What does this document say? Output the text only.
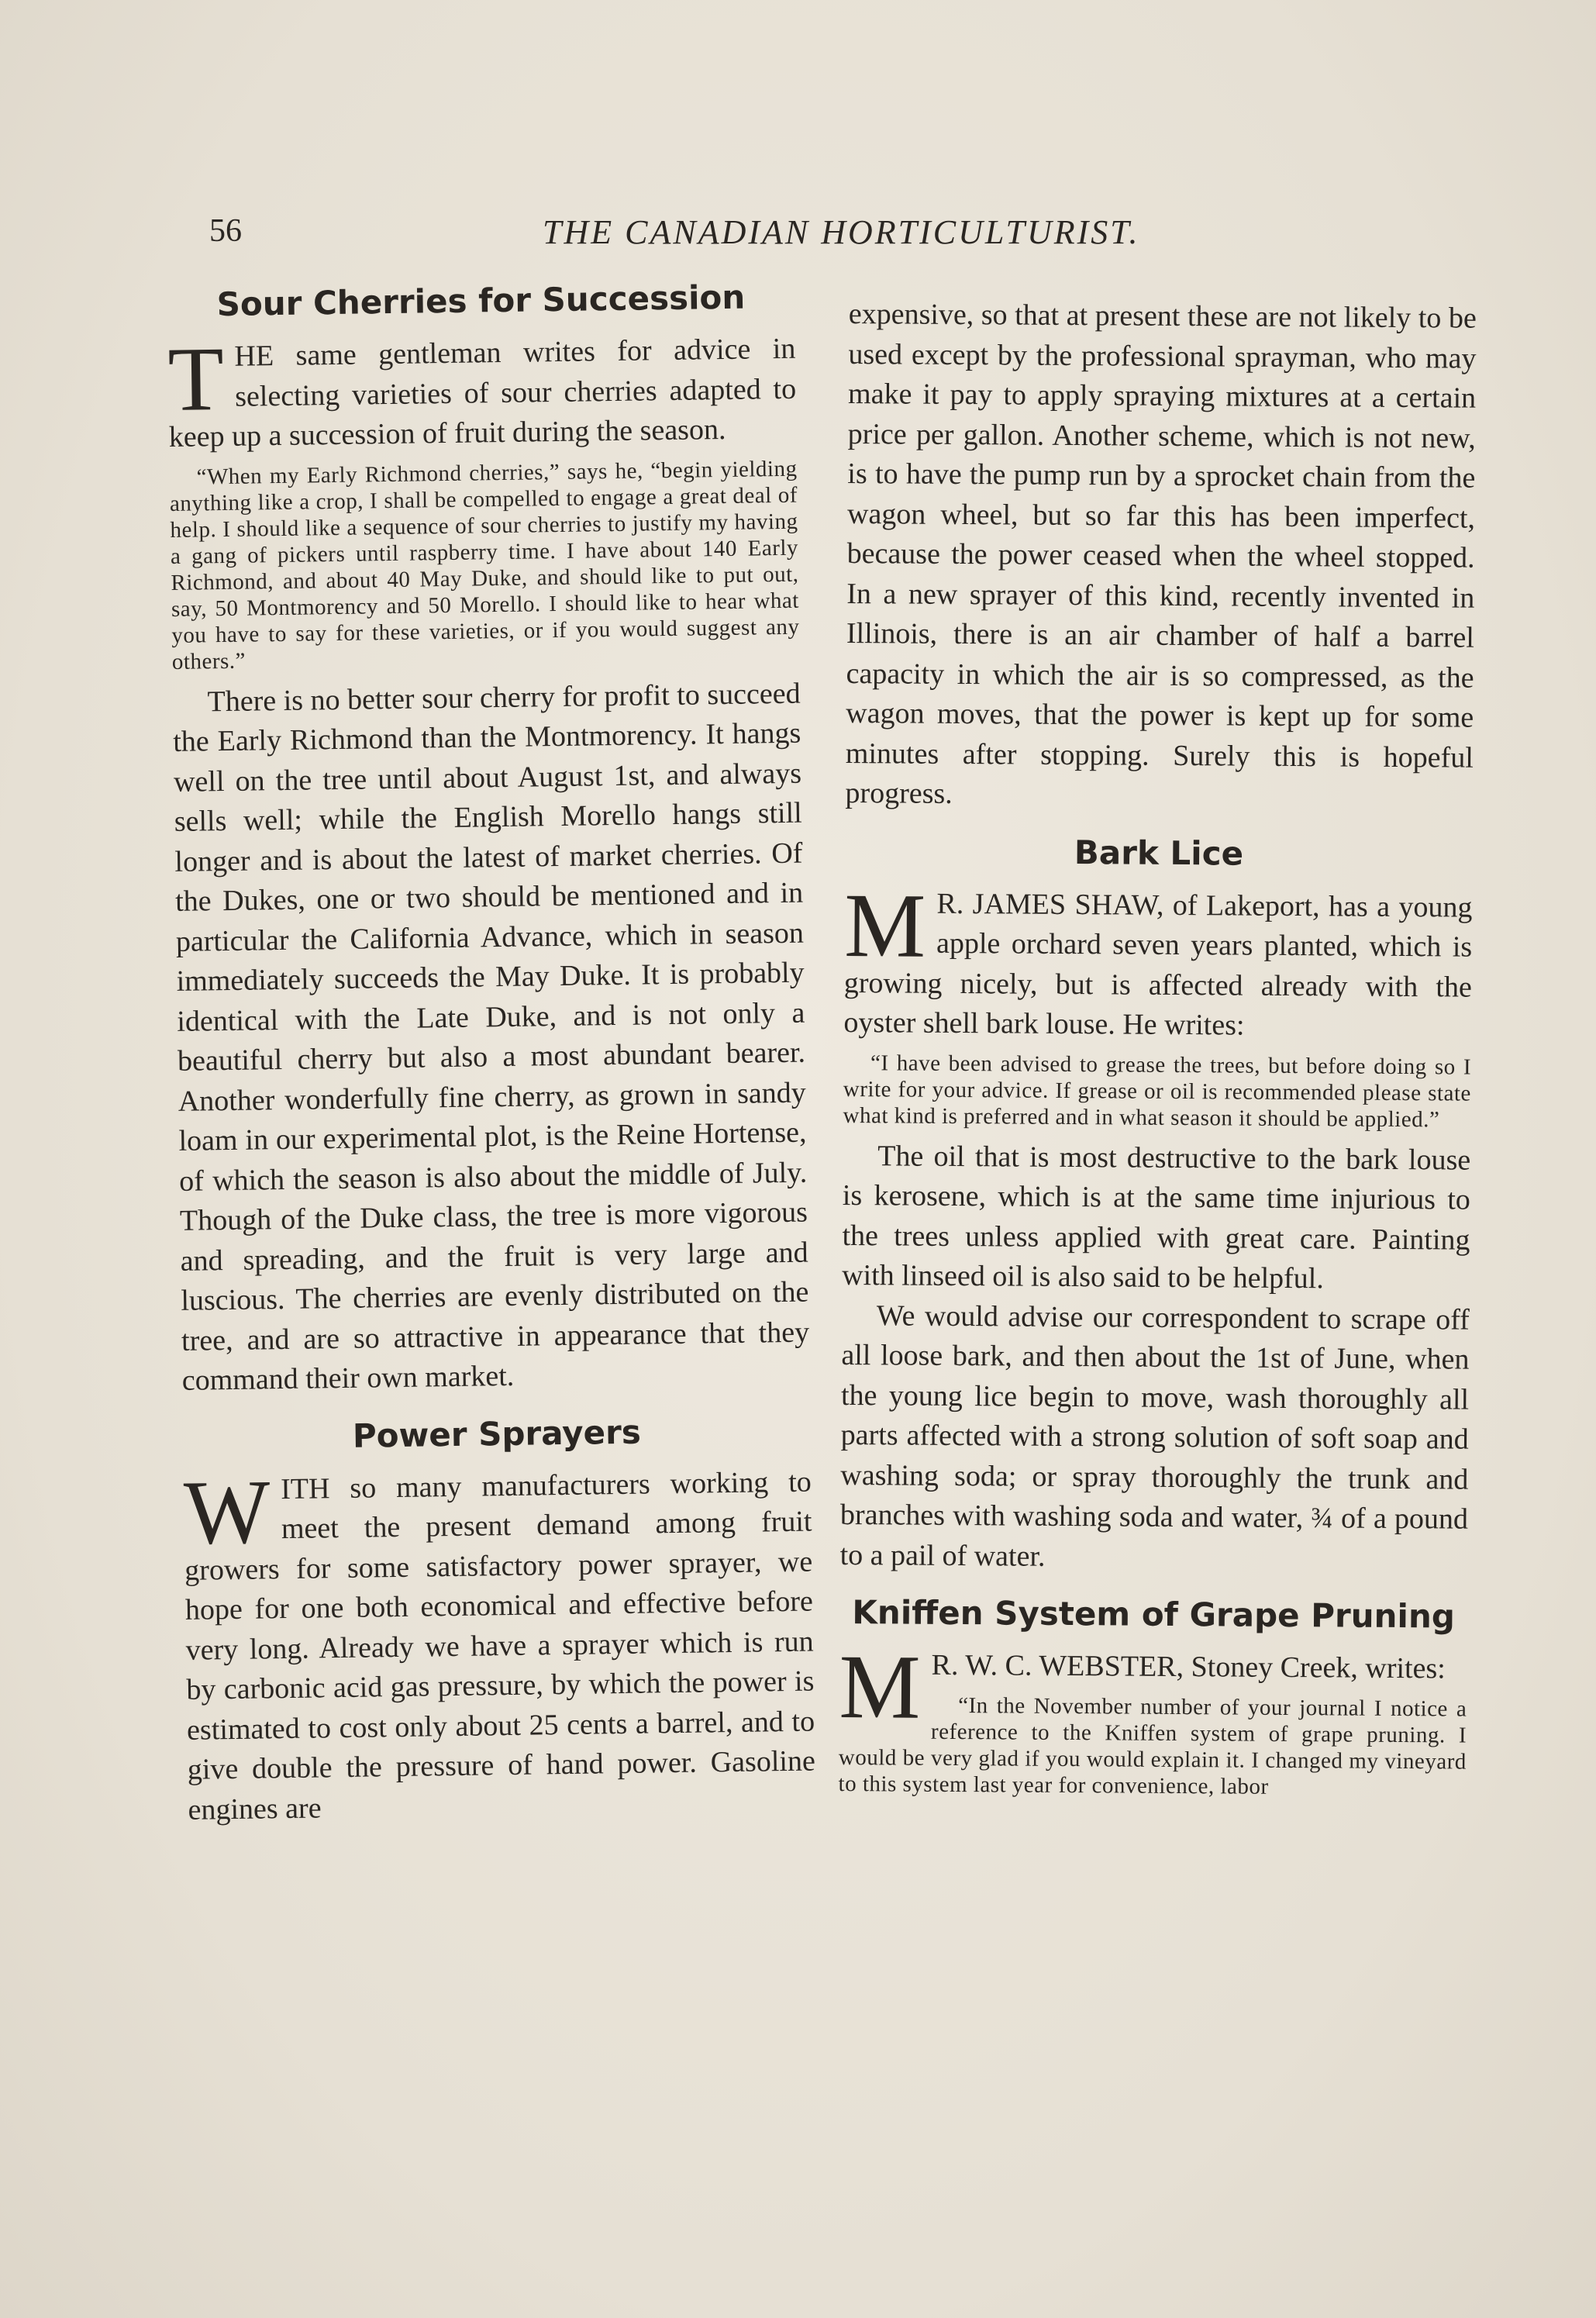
56	THE CANADIAN HORTICULTURIST.
Sour Cherries for Succession

THE same gentleman writes for advice in selecting varieties of sour cherries adapted to keep up a succession of fruit during the season.

“When my Early Richmond cherries,” says he, “begin yielding anything like a crop, I shall be compelled to engage a great deal of help. I should like a sequence of sour cherries to justify my having a gang of pickers until raspberry time. I have about 140 Early Richmond, and about 40 May Duke, and should like to put out, say, 50 Montmorency and 50 Morello. I should like to hear what you have to say for these varieties, or if you would suggest any others.”

There is no better sour cherry for profit to succeed the Early Richmond than the Montmorency. It hangs well on the tree until about August 1st, and always sells well; while the English Morello hangs still longer and is about the latest of market cherries. Of the Dukes, one or two should be mentioned and in particular the California Advance, which in season immediately succeeds the May Duke. It is probably identical with the Late Duke, and is not only a beautiful cherry but also a most abundant bearer. Another wonderfully fine cherry, as grown in sandy loam in our experimental plot, is the Reine Hortense, of which the season is also about the middle of July. Though of the Duke class, the tree is more vigorous and spreading, and the fruit is very large and luscious. The cherries are evenly distributed on the tree, and are so attractive in appearance that they command their own market.

Power Sprayers

WITH so many manufacturers working to meet the present demand among fruit growers for some satisfactory power sprayer, we hope for one both economical and effective before very long. Already we have a sprayer which is run by carbonic acid gas pressure, by which the power is estimated to cost only about 25 cents a barrel, and to give double the pressure of hand power. Gasoline engines are

expensive, so that at present these are not likely to be used except by the professional sprayman, who may make it pay to apply spraying mixtures at a certain price per gallon. Another scheme, which is not new, is to have the pump run by a sprocket chain from the wagon wheel, but so far this has been imperfect, because the power ceased when the wheel stopped. In a new sprayer of this kind, recently invented in Illinois, there is an air chamber of half a barrel capacity in which the air is so compressed, as the wagon moves, that the power is kept up for some minutes after stopping. Surely this is hopeful progress.

Bark Lice

M R. JAMES SHAW, of Lakeport, has a young apple orchard seven years planted, which is growing nicely, but is affected already with the oyster shell bark louse. He writes:

“I have been advised to grease the trees, but before doing so I write for your advice. If grease or oil is recommended please state what kind is preferred and in what season it should be applied.”

The oil that is most destructive to the bark louse is kerosene, which is at the same time injurious to the trees unless applied with great care. Painting with linseed oil is also said to be helpful.

We would advise our correspondent to scrape off all loose bark, and then about the 1st of June, when the young lice begin to move, wash thoroughly all parts affected with a strong solution of soft soap and washing soda; or spray thoroughly the trunk and branches with washing soda and water, ¾ of a pound to a pail of water.

Kniffen System of Grape Pruning

M R. W. C. WEBSTER, Stoney Creek, writes:

“In the November number of your journal I notice a reference to the Kniffen system of grape pruning. I would be very glad if you would explain it. I changed my vineyard to this system last year for convenience, labor
